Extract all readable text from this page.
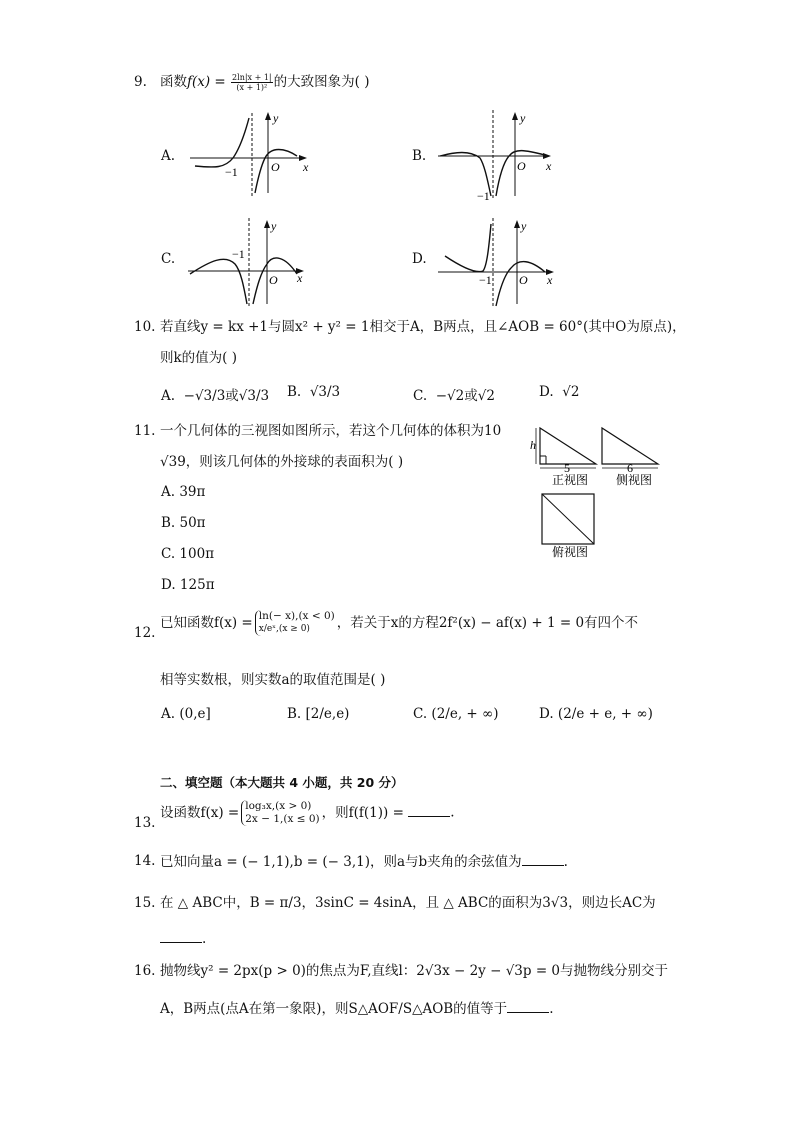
9. 函数$f(x) = \frac{2\ln|x + 1|}{\text{(x + 1)²}}$ 的大致图象为( )
A.
−1	O x
y
B.
−1
O x
y
C.	−1
O x
y
D.
−1 O x
y
10. 若直线y = kx +1与圆x² + y² = 1相交于A，B两点，且∠AOB = 60°(其中O为原点)，
则k的值为( )
A. −√3/3或√3/3 B. √3/3	C. −√2或√2	D. √2
11. 一个几何体的三视图如图所示，若这个几何体的体积为10
√39，则该几何体的外接球的表面积为( )
A. 39π
B. 50π
C. 100π
D. 125π
h
5
正视图
6
侧视图
俯视图
12.
已知函数f(x) = ln(− x),(x < 0)
x/eˣ,(x ≥ 0)	，若关于x的方程2f²(x) − af(x) + 1 = 0有四个不
相等实数根，则实数a的取值范围是( )
A. (0,e]	B. [2/e,e)	C. (2/e, + ∞)	D. (2/e + e, + ∞)
二、填空题（本大题共 4 小题，共 20 分）
13.
设函数f(x) = log₃x,(x > 0)
2x − 1,(x ≤ 0) ，则f(f(1)) =	.
14. 已知向量a = (− 1,1),b = (− 3,1)，则a与b夹角的余弦值为	.
15. 在 △ ABC中，B = π/3，3sinC = 4sinA，且 △ ABC的面积为3√3，则边长AC为
.
16. 抛物线y² = 2px(p > 0)的焦点为F,直线l：2√3x − 2y − √3p = 0与抛物线分别交于
A，B两点(点A在第一象限)，则S△AOF/S△AOB的值等于	.
